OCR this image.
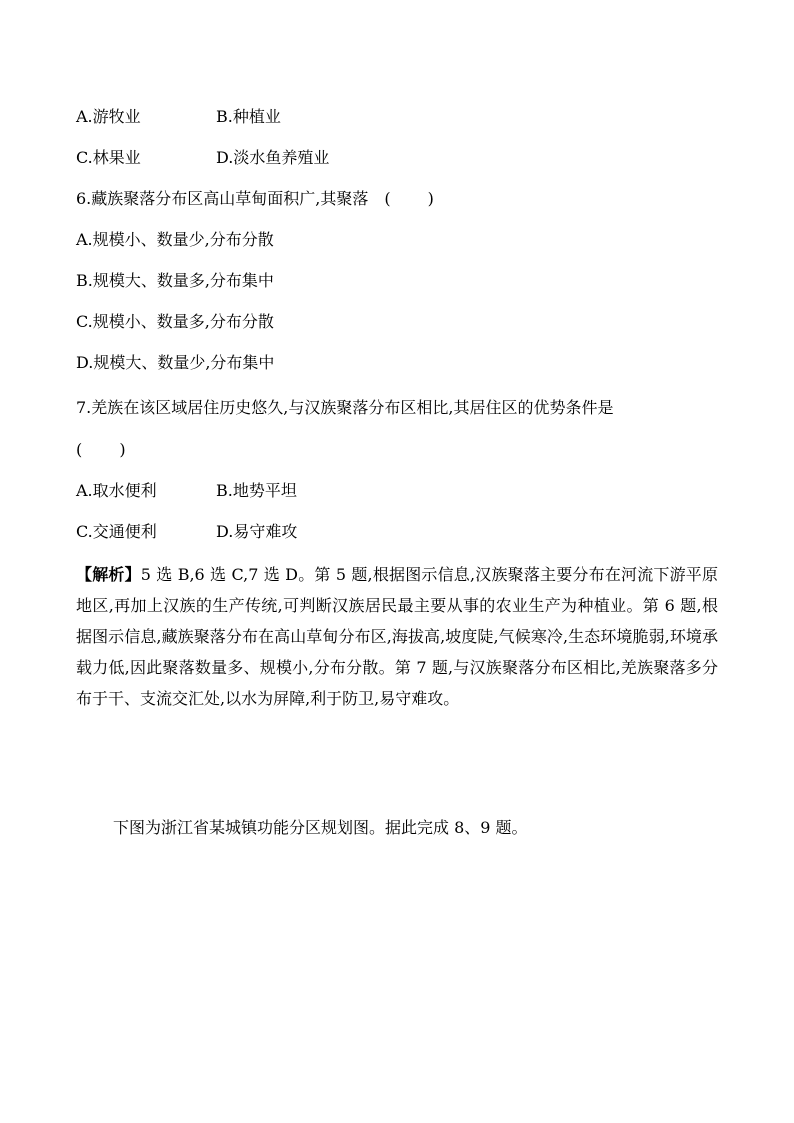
A.游牧业	B.种植业
C.林果业	D.淡水鱼养殖业
6.藏族聚落分布区高山草甸面积广,其聚落　( 　　)
A.规模小、数量少,分布分散
B.规模大、数量多,分布集中
C.规模小、数量多,分布分散
D.规模大、数量少,分布集中
7.羌族在该区域居住历史悠久,与汉族聚落分布区相比,其居住区的优势条件是
( 　　)
A.取水便利	B.地势平坦
C.交通便利	D.易守难攻
【解析】5 选 B,6 选 C,7 选 D。第 5 题,根据图示信息,汉族聚落主要分布在河流下游平原地区,再加上汉族的生产传统,可判断汉族居民最主要从事的农业生产为种植业。第 6 题,根据图示信息,藏族聚落分布在高山草甸分布区,海拔高,坡度陡,气候寒冷,生态环境脆弱,环境承载力低,因此聚落数量多、规模小,分布分散。第 7 题,与汉族聚落分布区相比,羌族聚落多分布于干、支流交汇处,以水为屏障,利于防卫,易守难攻。
下图为浙江省某城镇功能分区规划图。据此完成 8、9 题。
